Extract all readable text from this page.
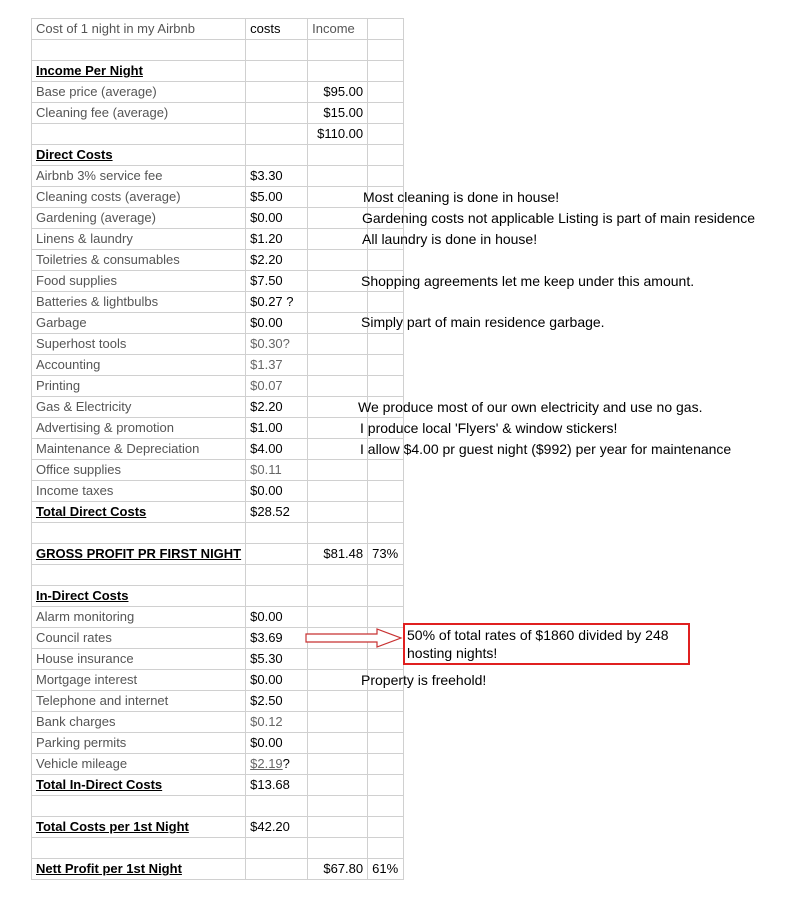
Cost of 1 night in my Airbnb	costs	Income	

Income Per Night			
Base price (average)		$95.00	
Cleaning fee (average)		$15.00	
		$110.00	
Direct Costs			
Airbnb 3% service fee	$3.30		
Cleaning costs (average)	$5.00		
Gardening (average)	$0.00		
Linens & laundry	$1.20		
Toiletries & consumables	$2.20		
Food supplies	$7.50		
Batteries & lightbulbs	$0.27 ?		
Garbage	$0.00		
Superhost tools	$0.30?		
Accounting	$1.37		
Printing	$0.07		
Gas & Electricity	$2.20		
Advertising & promotion	$1.00		
Maintenance & Depreciation	$4.00		
Office supplies	$0.11		
Income taxes	$0.00		
Total Direct Costs	$28.52		

GROSS PROFIT PR FIRST NIGHT		$81.48	73%

In-Direct Costs			
Alarm monitoring	$0.00		
Council rates	$3.69		
House insurance	$5.30		
Mortgage interest	$0.00		
Telephone and internet	$2.50		
Bank charges	$0.12		
Parking permits	$0.00		
Vehicle mileage	$2.19?		
Total In-Direct Costs	$13.68		

Total Costs per 1st Night	$42.20		

Nett Profit per 1st Night		$67.80	61%
Most cleaning is done in house!
Gardening costs not applicable Listing is part of main residence
All laundry is done in house!
Shopping agreements let me keep under this amount.
Simply part of main residence garbage.
We produce most of our own electricity and use no gas.
I produce local 'Flyers' & window stickers!
I allow $4.00 pr guest night ($992) per year for maintenance
Property is freehold!
50% of total rates of $1860 divided by 248
hosting nights!
